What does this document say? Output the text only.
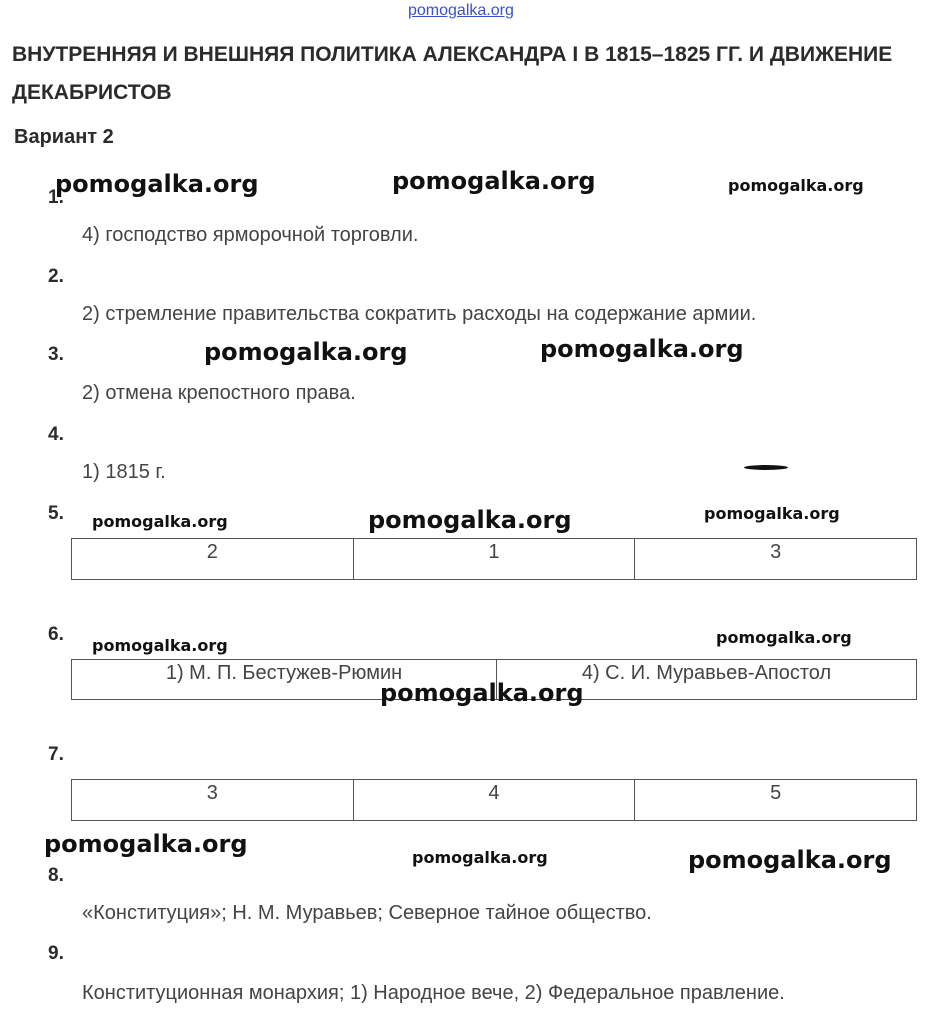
pomogalka.org
ВНУТРЕННЯЯ И ВНЕШНЯЯ ПОЛИТИКА АЛЕКСАНДРА I В 1815–1825 ГГ. И ДВИЖЕНИЕ ДЕКАБРИСТОВ
Вариант 2
1.
4) господство ярморочной торговли.
2.
2) стремление правительства сократить расходы на содержание армии.
3.
2) отмена крепостного права.
4.
1) 1815 г.
5.
2	1	3
6.
1) М. П. Бестужев-Рюмин	4) С. И. Муравьев-Апостол
7.
3	4	5
8.
«Конституция»; Н. М. Муравьев; Северное тайное общество.
9.
Конституционная монархия; 1) Народное вече, 2) Федеральное правление.
pomogalka.org	pomogalka.org	pomogalka.org
pomogalka.org	pomogalka.org
pomogalka.org	pomogalka.org	pomogalka.org
pomogalka.org	pomogalka.org
pomogalka.org
pomogalka.org	pomogalka.org	pomogalka.org
